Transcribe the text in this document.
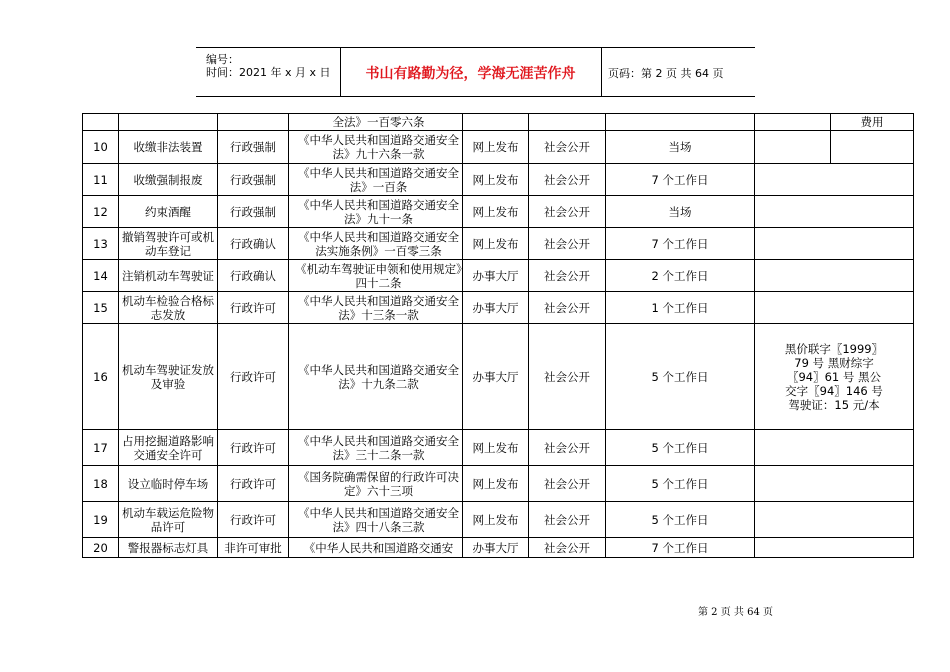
编号：
时间：2021 年 x 月 x 日	书山有路勤为径，学海无涯苦作舟	页码：第 2 页 共 64 页
			全法》一百零六条					费用
10	收缴非法装置	行政强制	《中华人民共和国道路交通安全法》九十六条一款	网上发布	社会公开	当场		
11	收缴强制报废	行政强制	《中华人民共和国道路交通安全法》一百条	网上发布	社会公开	7 个工作日		

12	约束酒醒	行政强制	《中华人民共和国道路交通安全法》九十一条	网上发布	社会公开	当场		
13	撤销驾驶许可或机动车登记	行政确认	《中华人民共和国道路交通安全法实施条例》一百零三条	网上发布	社会公开	7 个工作日		
14	注销机动车驾驶证	行政确认	《机动车驾驶证申领和使用规定》四十二条	办事大厅	社会公开	2 个工作日		
15	机动车检验合格标志发放	行政许可	《中华人民共和国道路交通安全法》十三条一款	办事大厅	社会公开	1 个工作日		
16	机动车驾驶证发放及审验	行政许可	《中华人民共和国道路交通安全法》十九条二款	办事大厅	社会公开	5 个工作日	黑价联字〖1999〗79 号 黑财综字〖94〗61 号 黑公交字〖94〗146 号 驾驶证：15 元/本	
17	占用挖掘道路影响交通安全许可	行政许可	《中华人民共和国道路交通安全法》三十二条一款	网上发布	社会公开	5 个工作日		
18	设立临时停车场	行政许可	《国务院确需保留的行政许可决定》六十三项	网上发布	社会公开	5 个工作日		
19	机动车载运危险物品许可	行政许可	《中华人民共和国道路交通安全法》四十八条三款	网上发布	社会公开	5 个工作日		
20	警报器标志灯具	非许可审批	《中华人民共和国道路交通安	办事大厅	社会公开	7 个工作日		
第 2 页 共 64 页
